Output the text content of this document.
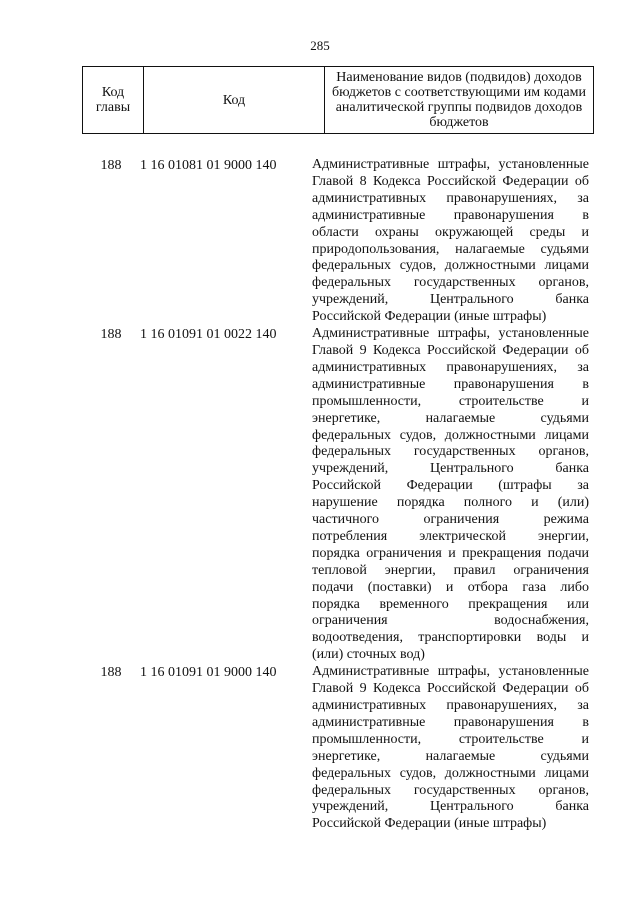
285
Код главы	Код	Наименование видов (подвидов) доходов бюджетов с соответствующими им кодами аналитической группы подвидов доходов бюджетов
188	1 16 01081 01 9000 140	Административные штрафы, установленные
Главой 8 Кодекса Российской Федерации об
административных правонарушениях, за
административные правонарушения в
области охраны окружающей среды и
природопользования, налагаемые судьями
федеральных судов, должностными лицами
федеральных государственных органов,
учреждений, Центрального банка
Российской Федерации (иные штрафы)
188	1 16 01091 01 0022 140	Административные штрафы, установленные
Главой 9 Кодекса Российской Федерации об
административных правонарушениях, за
административные правонарушения в
промышленности, строительстве и
энергетике, налагаемые судьями
федеральных судов, должностными лицами
федеральных государственных органов,
учреждений, Центрального банка
Российской Федерации (штрафы за
нарушение порядка полного и (или)
частичного ограничения режима
потребления электрической энергии,
порядка ограничения и прекращения подачи
тепловой энергии, правил ограничения
подачи (поставки) и отбора газа либо
порядка временного прекращения или
ограничения водоснабжения,
водоотведения, транспортировки воды и
(или) сточных вод)
188	1 16 01091 01 9000 140	Административные штрафы, установленные
Главой 9 Кодекса Российской Федерации об
административных правонарушениях, за
административные правонарушения в
промышленности, строительстве и
энергетике, налагаемые судьями
федеральных судов, должностными лицами
федеральных государственных органов,
учреждений, Центрального банка
Российской Федерации (иные штрафы)
